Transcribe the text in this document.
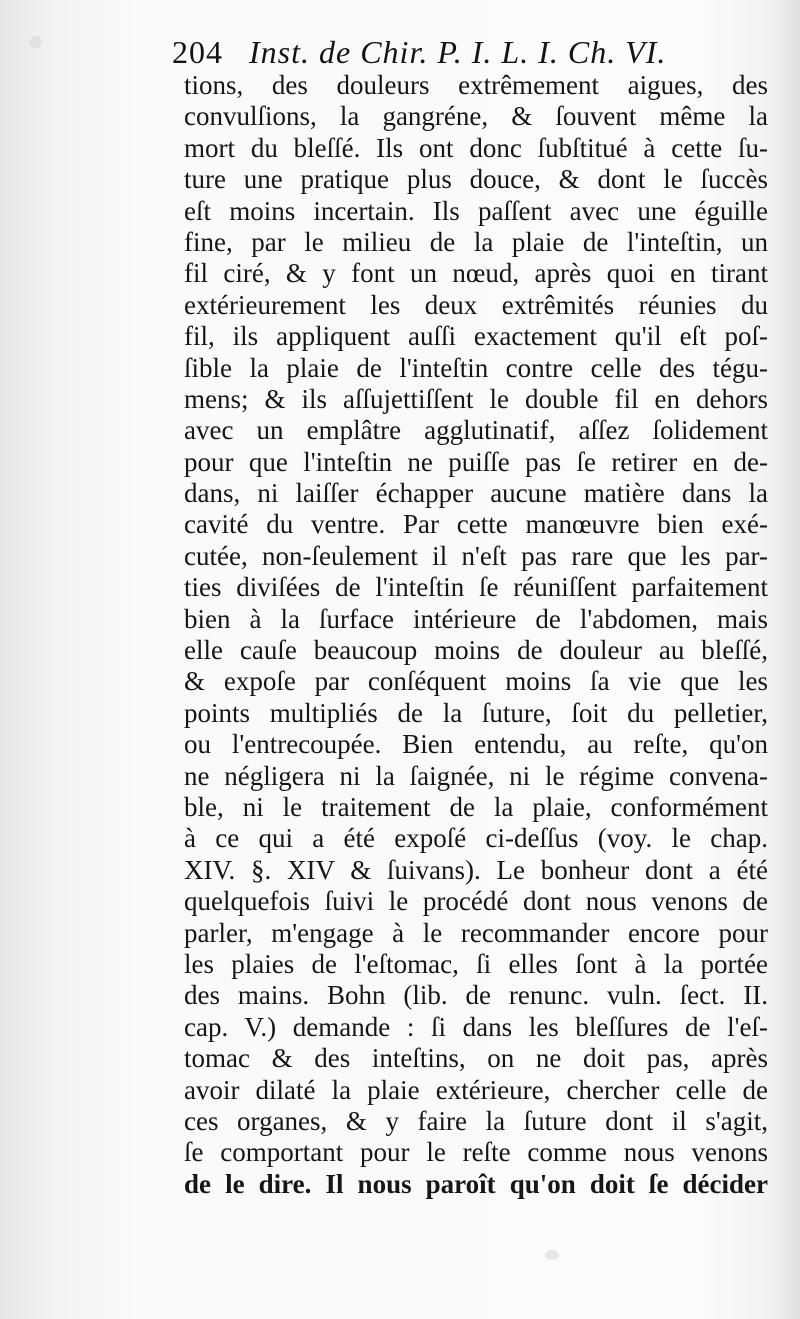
204 Inst. de Chir. P. I. L. I. Ch. VI.
tions, des douleurs extrêmement aigues, des
convulſions, la gangréne, & ſouvent même la
mort du bleſſé. Ils ont donc ſubſtitué à cette ſu-
ture une pratique plus douce, & dont le ſuccès
eſt moins incertain. Ils paſſent avec une éguille
fine, par le milieu de la plaie de l'inteſtin, un
fil ciré, & y font un nœud, après quoi en tirant
extérieurement les deux extrêmités réunies du
fil, ils appliquent auſſi exactement qu'il eſt poſ-
ſible la plaie de l'inteſtin contre celle des tégu-
mens; & ils aſſujettiſſent le double fil en dehors
avec un emplâtre agglutinatif, aſſez ſolidement
pour que l'inteſtin ne puiſſe pas ſe retirer en de-
dans, ni laiſſer échapper aucune matière dans la
cavité du ventre. Par cette manœuvre bien exé-
cutée, non-ſeulement il n'eſt pas rare que les par-
ties diviſées de l'inteſtin ſe réuniſſent parfaitement
bien à la ſurface intérieure de l'abdomen, mais
elle cauſe beaucoup moins de douleur au bleſſé,
& expoſe par conſéquent moins ſa vie que les
points multipliés de la ſuture, ſoit du pelletier,
ou l'entrecoupée. Bien entendu, au reſte, qu'on
ne négligera ni la ſaignée, ni le régime convena-
ble, ni le traitement de la plaie, conformément
à ce qui a été expoſé ci-deſſus (voy. le chap.
XIV. §. XIV & ſuivans). Le bonheur dont a été
quelquefois ſuivi le procédé dont nous venons de
parler, m'engage à le recommander encore pour
les plaies de l'eſtomac, ſi elles ſont à la portée
des mains. Bohn (lib. de renunc. vuln. ſect. II.
cap. V.) demande : ſi dans les bleſſures de l'eſ-
tomac & des inteſtins, on ne doit pas, après
avoir dilaté la plaie extérieure, chercher celle de
ces organes, & y faire la ſuture dont il s'agit,
ſe comportant pour le reſte comme nous venons
de le dire. Il nous paroît qu'on doit ſe décider
